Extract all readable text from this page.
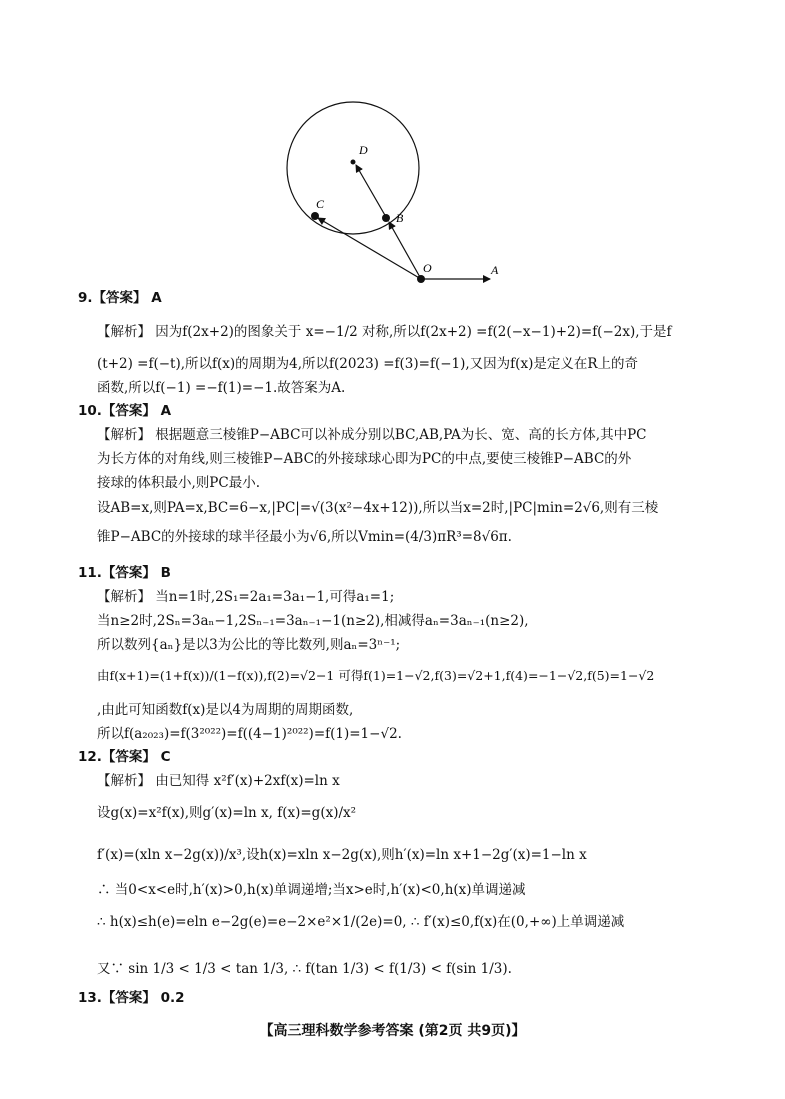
D
B
C
O	A
9.【答案】 A
【解析】 因为f(2x+2)的图象关于 x=−1/2 对称,所以f(2x+2) =f(2(−x−1)+2)=f(−2x),于是f
(t+2) =f(−t),所以f(x)的周期为4,所以f(2023) =f(3)=f(−1),又因为f(x)是定义在R上的奇
函数,所以f(−1) =−f(1)=−1.故答案为A.
10.【答案】 A
【解析】 根据题意三棱锥P−ABC可以补成分别以BC,AB,PA为长、宽、高的长方体,其中PC
为长方体的对角线,则三棱锥P−ABC的外接球球心即为PC的中点,要使三棱锥P−ABC的外
接球的体积最小,则PC最小.
设AB=x,则PA=x,BC=6−x,|PC|=√(3(x²−4x+12)),所以当x=2时,|PC|min=2√6,则有三棱
锥P−ABC的外接球的球半径最小为√6,所以Vmin=(4/3)πR³=8√6π.
11.【答案】 B
【解析】 当n=1时,2S₁=2a₁=3a₁−1,可得a₁=1;
当n≥2时,2Sₙ=3aₙ−1,2Sₙ₋₁=3aₙ₋₁−1(n≥2),相减得aₙ=3aₙ₋₁(n≥2),
所以数列{aₙ}是以3为公比的等比数列,则aₙ=3ⁿ⁻¹;
由f(x+1)=(1+f(x))/(1−f(x)),f(2)=√2−1 可得f(1)=1−√2,f(3)=√2+1,f(4)=−1−√2,f(5)=1−√2
,由此可知函数f(x)是以4为周期的周期函数,
所以f(a₂₀₂₃)=f(3²⁰²²)=f((4−1)²⁰²²)=f(1)=1−√2.
12.【答案】 C
【解析】 由已知得 x²f′(x)+2xf(x)=ln x
设g(x)=x²f(x),则g′(x)=ln x, f(x)=g(x)/x²
f′(x)=(xln x−2g(x))/x³,设h(x)=xln x−2g(x),则h′(x)=ln x+1−2g′(x)=1−ln x
∴ 当0<x<e时,h′(x)>0,h(x)单调递增;当x>e时,h′(x)<0,h(x)单调递减
∴ h(x)≤h(e)=eln e−2g(e)=e−2×e²×1/(2e)=0, ∴ f′(x)≤0,f(x)在(0,+∞)上单调递减
又∵ sin 1/3 < 1/3 < tan 1/3, ∴ f(tan 1/3) < f(1/3) < f(sin 1/3).
13.【答案】 0.2
【高三理科数学参考答案 (第2页 共9页)】
